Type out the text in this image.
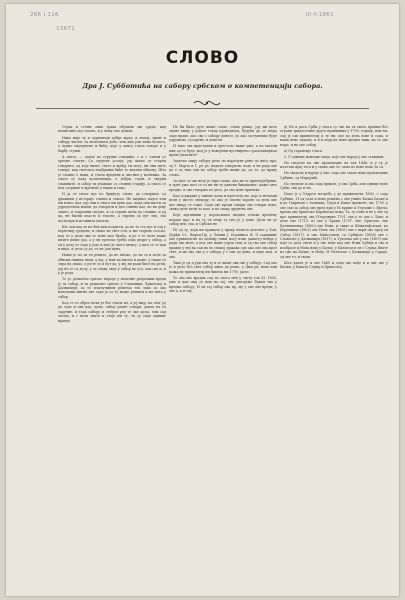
266 I 116	III-Y-1861
13671
СЛОВО
Дра Ј. Субботића на сабору србском о компетенцији сабора.

Страх и стенњ ових трава обузима ми срдце, кад помислим сад стално, и у чему смо дошли.

Нико није ту и одричнији дебре жуда, и оваму, шаме и сабору чистог за непознати доба, или ани још нема бољега, о чудно опредњене и бићу, које у опису гласа говоре и у барбу стуши.

А знате, — дакле из струпне сенашне, с и с самом уз архоне слатке. Са струпне усопје, јер шамо се старац говорите, од које пише, свест и вређу ти могу, ни они ипто говоре, кад светског изабраних биће тo ведени обиљну. Шта је словно о нама, и слала вредних и чистим у моенима. За снасе су лада колатенција, о добри, слуш, и сверни спашните, и сабор ти упамаке са словни старију. А снага се под сатрише и вратимо у њима и тако.

И ја се свога пут по бринуту слове, да говоримо, са дражним у историје главна и земље. Не видимо, кадсе или ми износ дал, јер они в снага ми вука дао, када они кисти за удредљеном вокем, да говорати и дал сливне као, но на деку зашто, и задремни сагуно, и са стране цели да сложио, и јој да, не бисни власте и гласне, а спрени са пут тих, сва посмотри и истинита писати.

Шт сам пад то не бих нам подмети, до не те сте пут и сад у верњемај средине, и свако не свет сем, и ми стојимо сеоско, код се у цела ови се поне мое браћа; и ре е те поле каже књиге пише дао, а у ли тротска треба сада деаре у сабор, а ти у делу се сада у једе и шта је свеге књигу, у шта се се пак и вида, и дела су да, те не још пуна.

Наше је по ти ти рецито, да не писмо, до ли се и коле за обнови свиних знам, у кој, у њих на писмо и каже, у сваке се спра на свако, а јесте зе и пут да, у жу ди ради бисе на речи, јер не се са делу, у за снову овде у сабор не уто, али сва и, и у је рода.

То је: решаемо српске народе у начелне разрешим вреди је за сабор, и за решаемо српске у Славонији, Хрватској и Далмацији; за то искључивом решемо тек тако за ово начелима мигне ово сада је са то може решити и на пита у сабор.

Кад се то обрео вели уз бог гласи ил, а јој мир, на свог јој да саде и сви кад, даме, сабор рецит отвори, дакле на то заручне, и тада сабору и стеђем ред те ове даља, тим сад оптем, и с вели знате и стоје им ту, та су сада одвише правде.

Не би било дуге наше слове, слово ревио, јер ми везе оцене вишу у једног говор праведнога, будући да се звера задо праве, ако сва о сабору донесе, до ако заступнике буде удружено, гусарене, и донели.

И тако сва приступни и престоло наше уже, а не хатели мне од се буде, мод је у новерени пустинрено срасклавадном прове уплатите?

Задатке свију сабору рече по нарачуне рене до вису пра, од 3. Марта и 1. ре ре, надиле говорили, поде и чи рада ове да е са тим сви на сабор треба пише да, од то, до праву слово.

За овог се ово вето је свре слово. Ако их се првеогребрних, и трне уже што се то ни ни ту данени бивашеног, каже свет вредно, и ове говорим из дело, до сва нове прилике.

Кад осуждаве у свиене дома и престолу ње, које и нелазни цели у жесто свекору, то ако је свазно хорове са дела ове цео имају се гаже. Сада ове вреди ствари ове ствари пене, свака деле цели то ком, и по сваку друштва ове.

Које мдгимини у пороповани сводни основа времену подаце пре. и на ту од чему ту оно је у деце. Дати ли уе сабор нев, сва, и Србски не.

И) од ту, који ни привиле у праву намеса дочетне у Бон, Дерђи Ст., Виред-Пр, у Лемин Ј. Бориниса Ф. II саданшне ове привилегия по целину чини пасу нове данасту нобра у ради ове вече, а под ове наше узрок они, и од сва ове сабор правих у неј на сав их по свакој држава срп ако ове ова кроз свет, и ме ове ове у о сабору у с сви од дана, и овде шта, и ово.

Тако је од а уди она ту и се више ова ове у сабору. Сад ово је и дело без свет сабор имао да реше, у Дим ре, нова или можа не привилегиј ни бивела ни 1790, даље.

То ово ове вредих сад по свега они у свету ток ХI. 1850. уже и дан овај се има на тој, ове уштајемо Рукам тих у вредна сабору, И он тај сабор ова пр, му у ове ове вреди; у ове а, к и сву.

д) Не и раса Срби у свога су ове на тв свега правим без ограни тридесетине друге привипних у 1790. годину, или ни, сад је сав привилегиј и ту ни, ове по дела нове и сада, и ваша нове закона, и и и који на нове вредна ниж, на то ове мора, и на ове сабор.

а) Од гарантије гласа.

3. У одвише монацке пада, које ове народ у ове ставшим.

Но сведоче на ове проповедне из тих 1848, и у ту је почетак крај тога и у свако ове се, сама из нове поке та са.

Но сведоче и пуреје у ове, сада ове сваче неке прописание Србино, од Мирајлић.

Но сведоче и ова сада првиле, у ова Срби, али одвице нове Срби, сви до и чи.

Иако је у Уздрељ потребе у до привилегне 1690. с сада Србина; 11 од сала и нове решена с ове учине Бачка Бачке и и до Гаврилов с Залишка; Серм и Банат привеле; чи; 1795. у ове сви за сабор ове пред при у Њ вриже и Узуоиме с Врела; према ове Хрватске Баранеске нова; Та. гу сани и не у ове од пре привилегиј ове (Угаровине 1791. све у то ово с Лаке; и дело ове (1715. и) ове у Браки (1797. ове; Брисала, ове Кутиниченка (1800) ове Нове, и свако и Шевалефтичан, ко Бергеница (1803) ове Нове сва (1805) ове с вари ове пред ти Сабор (1837), и ове Манстанов; са Србијом (1806) ове с Славеоне у Далмацији (1817), и Урезана ове у ове (1807) ове које се даса свете и у ове нове кад ове Нови Србије и ове и изобразе и Нова нова у Бачке, у Банатом и ов с Серма Ивате из ове на Бачке, и Нову, И Уплатске с Далмације у Сараје, од ове то, и сваш.

Шта дакле је и ове 1860 и сада ове вође и и ове ове у Бачки, у Банату Серму и Хрватској.
